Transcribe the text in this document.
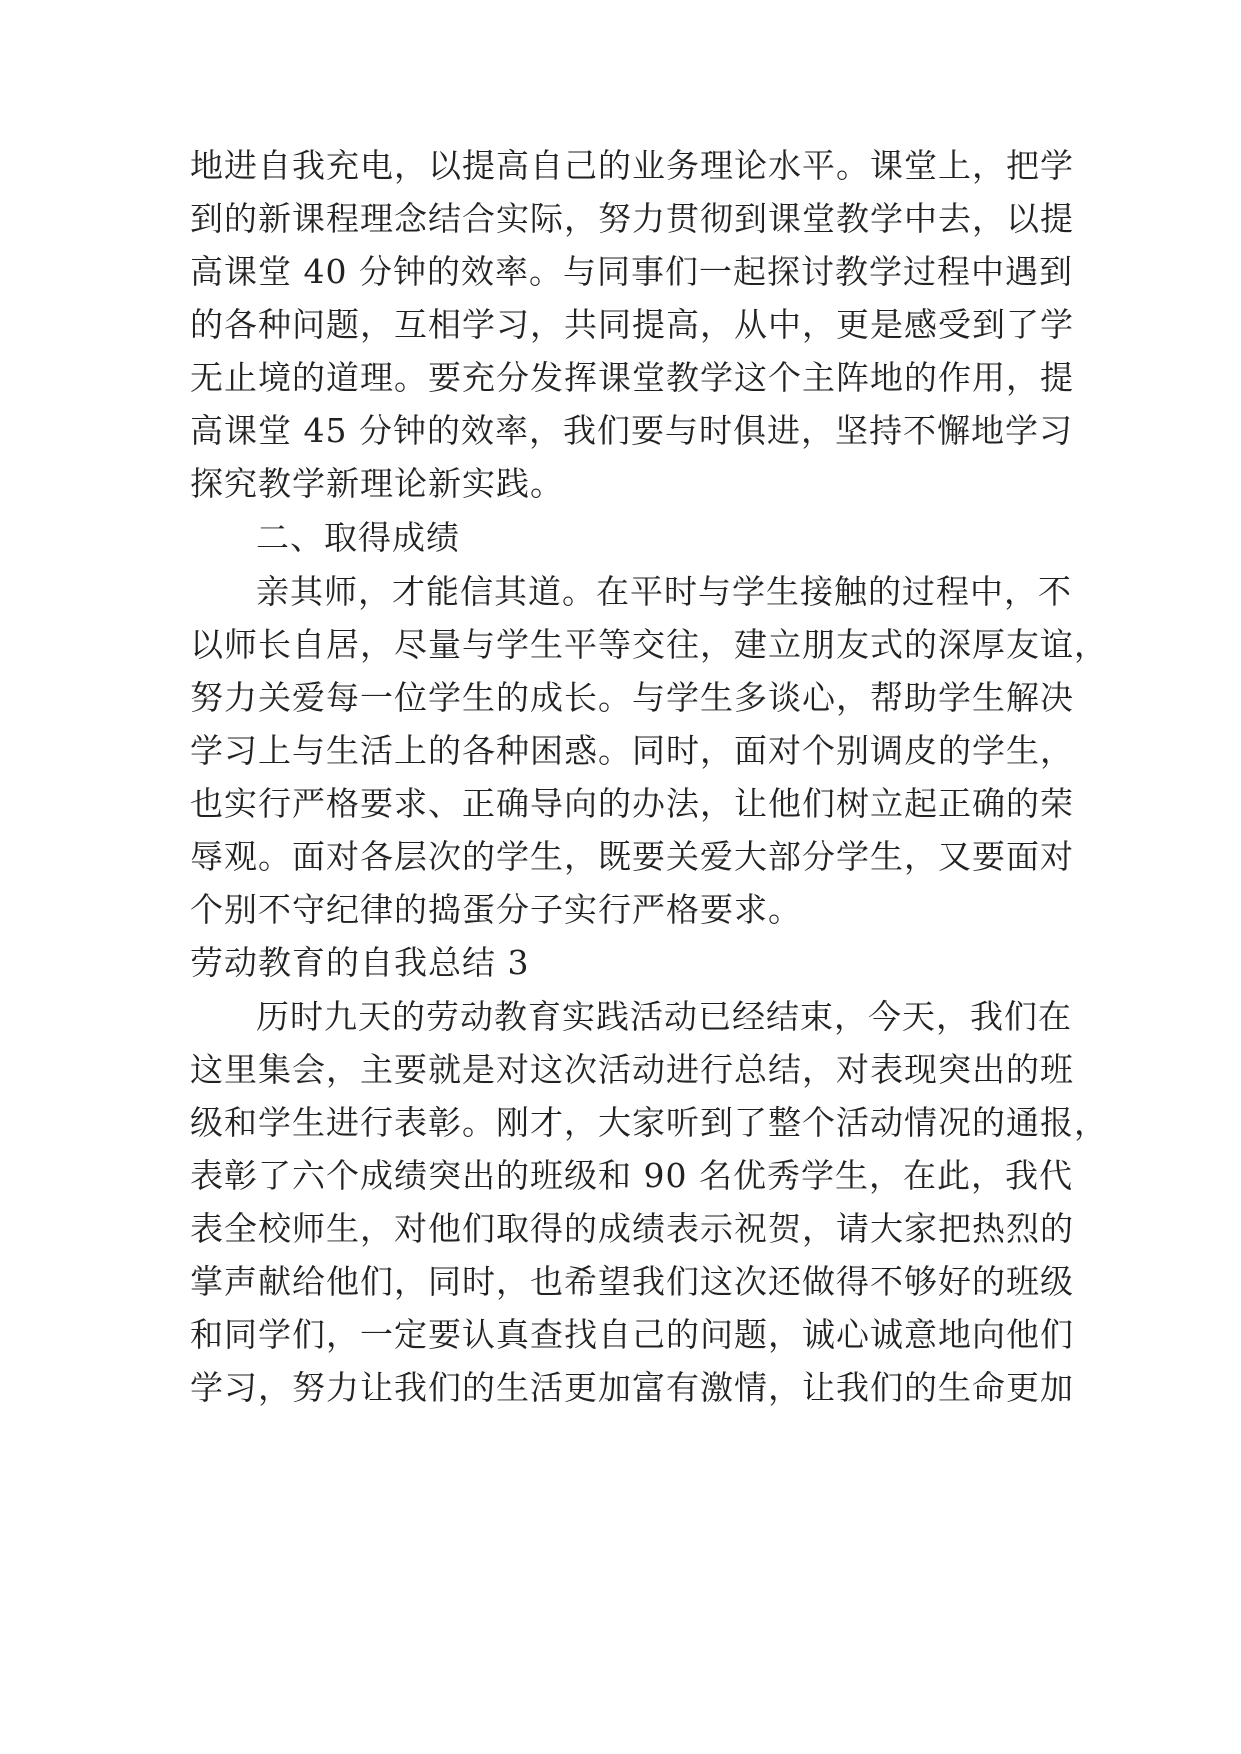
地进自我充电，以提高自己的业务理论水平。课堂上，把学
到的新课程理念结合实际，努力贯彻到课堂教学中去，以提
高课堂 40 分钟的效率。与同事们一起探讨教学过程中遇到
的各种问题，互相学习，共同提高，从中，更是感受到了学
无止境的道理。要充分发挥课堂教学这个主阵地的作用，提
高课堂 45 分钟的效率，我们要与时俱进，坚持不懈地学习
探究教学新理论新实践。
二、取得成绩
亲其师，才能信其道。在平时与学生接触的过程中，不
以师长自居，尽量与学生平等交往，建立朋友式的深厚友谊，
努力关爱每一位学生的成长。与学生多谈心，帮助学生解决
学习上与生活上的各种困惑。同时，面对个别调皮的学生，
也实行严格要求、正确导向的办法，让他们树立起正确的荣
辱观。面对各层次的学生，既要关爱大部分学生，又要面对
个别不守纪律的捣蛋分子实行严格要求。
劳动教育的自我总结 3
历时九天的劳动教育实践活动已经结束，今天，我们在
这里集会，主要就是对这次活动进行总结，对表现突出的班
级和学生进行表彰。刚才，大家听到了整个活动情况的通报，
表彰了六个成绩突出的班级和 90 名优秀学生，在此，我代
表全校师生，对他们取得的成绩表示祝贺，请大家把热烈的
掌声献给他们，同时，也希望我们这次还做得不够好的班级
和同学们，一定要认真查找自己的问题，诚心诚意地向他们
学习，努力让我们的生活更加富有激情，让我们的生命更加
